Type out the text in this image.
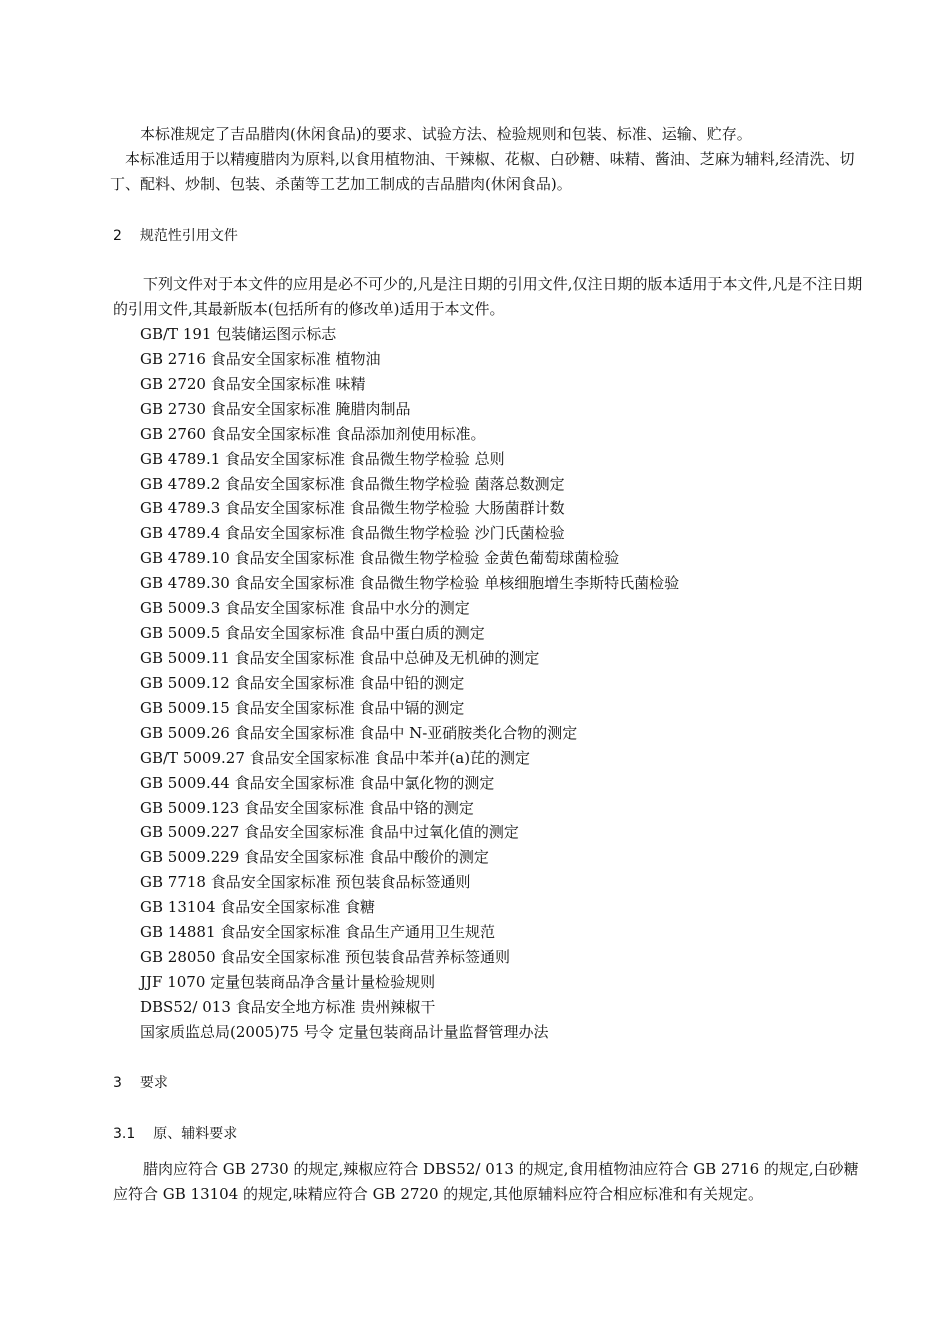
本标准规定了吉品腊肉(休闲食品)的要求、试验方法、检验规则和包装、标准、运输、贮存。

本标准适用于以精瘦腊肉为原料,以食用植物油、干辣椒、花椒、白砂糖、味精、酱油、芝麻为辅料,经清洗、切丁、配料、炒制、包装、杀菌等工艺加工制成的吉品腊肉(休闲食品)。

2 规范性引用文件

下列文件对于本文件的应用是必不可少的,凡是注日期的引用文件,仅注日期的版本适用于本文件,凡是不注日期的引用文件,其最新版本(包括所有的修改单)适用于本文件。

GB/T 191 包装储运图示标志
GB 2716 食品安全国家标准 植物油
GB 2720 食品安全国家标准 味精
GB 2730 食品安全国家标准 腌腊肉制品
GB 2760 食品安全国家标准 食品添加剂使用标准。
GB 4789.1 食品安全国家标准 食品微生物学检验 总则
GB 4789.2 食品安全国家标准 食品微生物学检验 菌落总数测定
GB 4789.3 食品安全国家标准 食品微生物学检验 大肠菌群计数
GB 4789.4 食品安全国家标准 食品微生物学检验 沙门氏菌检验
GB 4789.10 食品安全国家标准 食品微生物学检验 金黄色葡萄球菌检验
GB 4789.30 食品安全国家标准 食品微生物学检验 单核细胞增生李斯特氏菌检验
GB 5009.3 食品安全国家标准 食品中水分的测定
GB 5009.5 食品安全国家标准 食品中蛋白质的测定
GB 5009.11 食品安全国家标准 食品中总砷及无机砷的测定
GB 5009.12 食品安全国家标准 食品中铅的测定
GB 5009.15 食品安全国家标准 食品中镉的测定
GB 5009.26 食品安全国家标准 食品中 N-亚硝胺类化合物的测定
GB/T 5009.27 食品安全国家标准 食品中苯并(a)芘的测定
GB 5009.44 食品安全国家标准 食品中氯化物的测定
GB 5009.123 食品安全国家标准 食品中铬的测定
GB 5009.227 食品安全国家标准 食品中过氧化值的测定
GB 5009.229 食品安全国家标准 食品中酸价的测定
GB 7718 食品安全国家标准 预包装食品标签通则
GB 13104 食品安全国家标准 食糖
GB 14881 食品安全国家标准 食品生产通用卫生规范
GB 28050 食品安全国家标准 预包装食品营养标签通则
JJF 1070 定量包装商品净含量计量检验规则
DBS52/ 013 食品安全地方标准 贵州辣椒干
国家质监总局(2005)75 号令 定量包装商品计量监督管理办法
3 要求
3.1 原、辅料要求

腊肉应符合 GB 2730 的规定,辣椒应符合 DBS52/ 013 的规定,食用植物油应符合 GB 2716 的规定,白砂糖应符合 GB 13104 的规定,味精应符合 GB 2720 的规定,其他原辅料应符合相应标准和有关规定。
